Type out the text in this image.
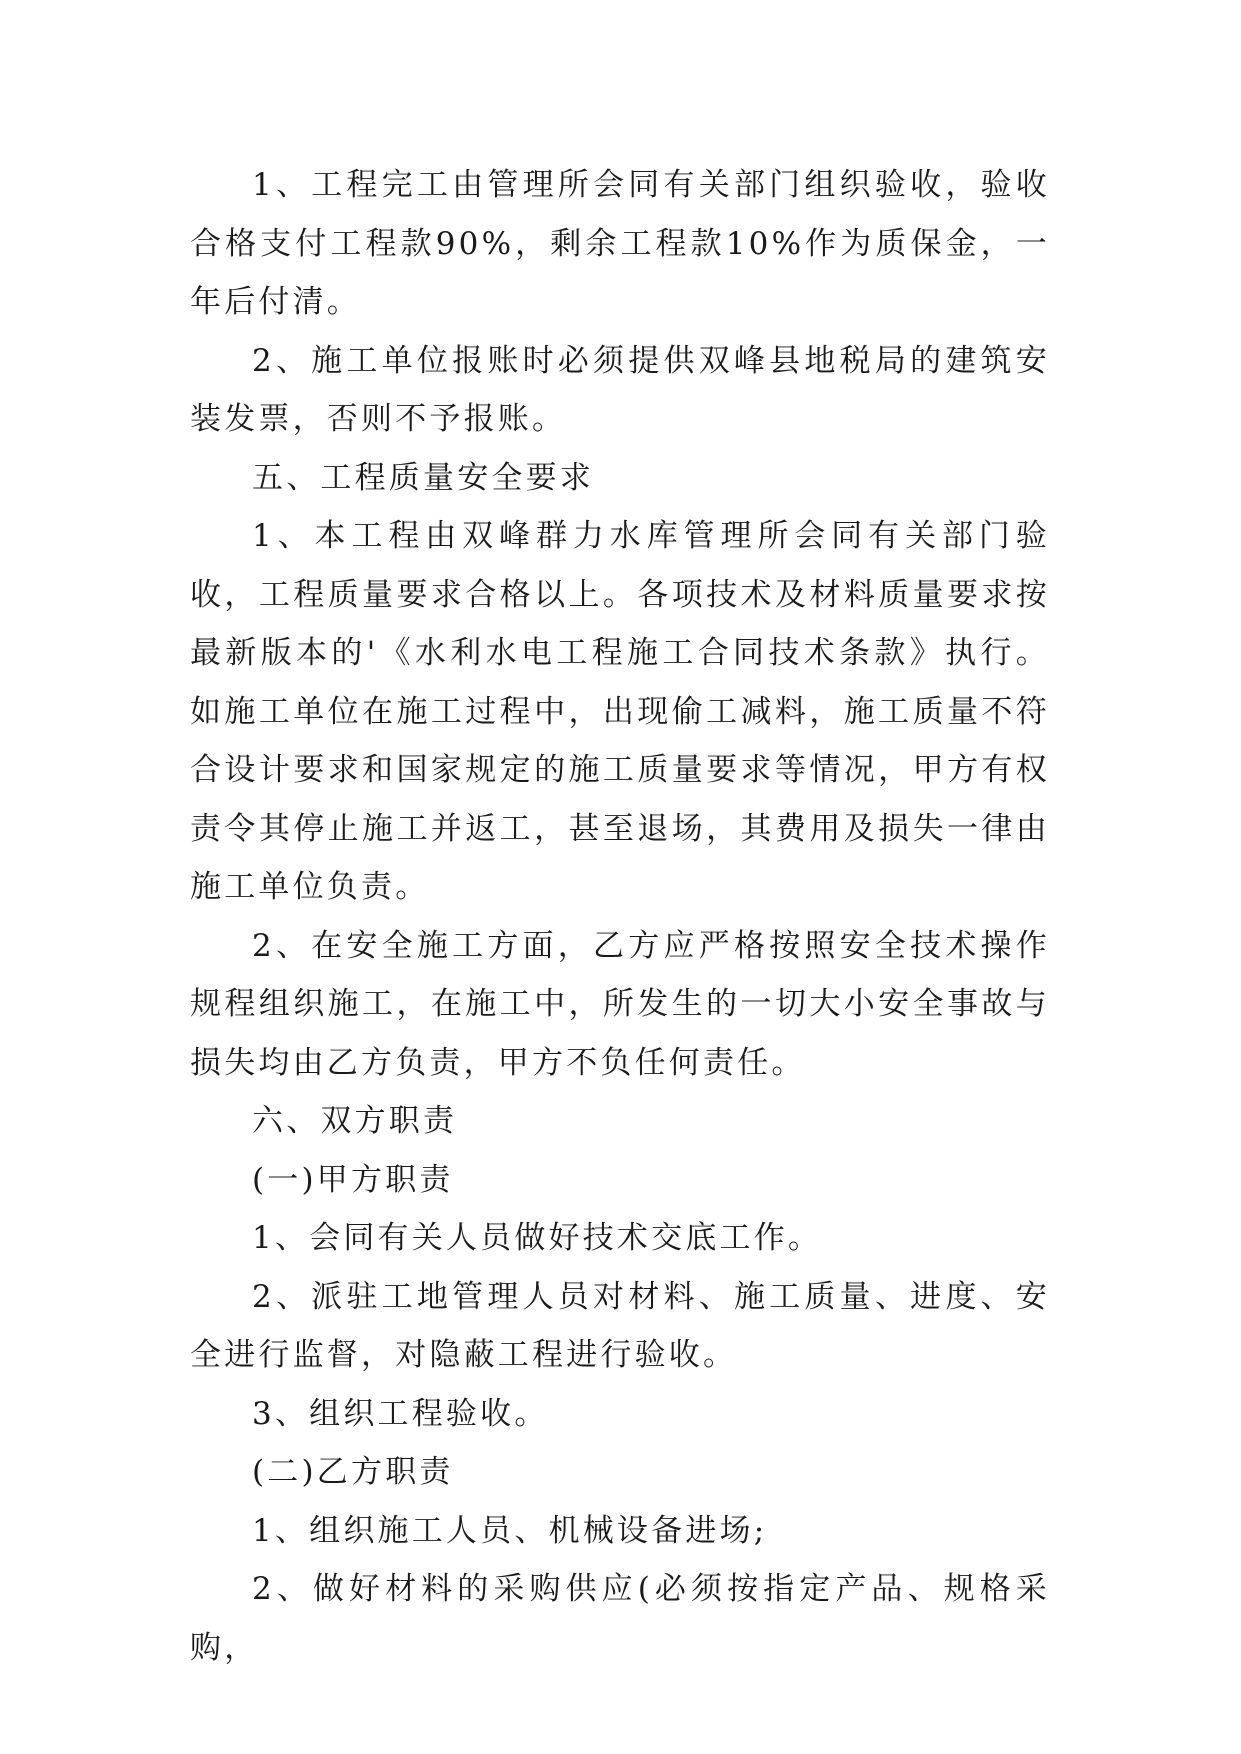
1、工程完工由管理所会同有关部门组织验收，验收合格支付工程款90%，剩余工程款10%作为质保金，一年后付清。

2、施工单位报账时必须提供双峰县地税局的建筑安装发票，否则不予报账。

五、工程质量安全要求

1、本工程由双峰群力水库管理所会同有关部门验收，工程质量要求合格以上。各项技术及材料质量要求按最新版本的'《水利水电工程施工合同技术条款》执行。如施工单位在施工过程中，出现偷工减料，施工质量不符合设计要求和国家规定的施工质量要求等情况，甲方有权责令其停止施工并返工，甚至退场，其费用及损失一律由施工单位负责。

2、在安全施工方面，乙方应严格按照安全技术操作规程组织施工，在施工中，所发生的一切大小安全事故与损失均由乙方负责，甲方不负任何责任。

六、双方职责

(一)甲方职责

1、会同有关人员做好技术交底工作。

2、派驻工地管理人员对材料、施工质量、进度、安全进行监督，对隐蔽工程进行验收。

3、组织工程验收。

(二)乙方职责

1、组织施工人员、机械设备进场;

2、做好材料的采购供应(必须按指定产品、规格采购，
